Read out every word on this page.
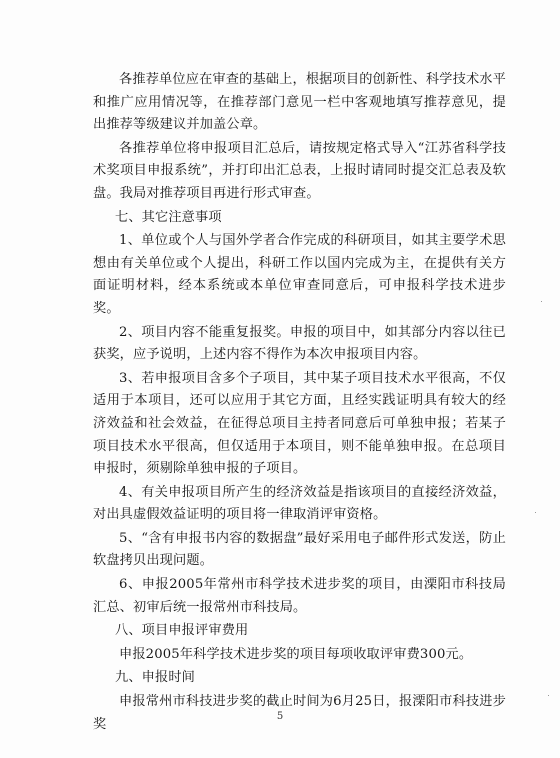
各推荐单位应在审查的基础上，根据项目的创新性、科学技术水平和推广应用情况等，在推荐部门意见一栏中客观地填写推荐意见，提出推荐等级建议并加盖公章。

各推荐单位将申报项目汇总后，请按规定格式导入“江苏省科学技术奖项目申报系统”，并打印出汇总表，上报时请同时提交汇总表及软盘。我局对推荐项目再进行形式审查。

七、其它注意事项

1、单位或个人与国外学者合作完成的科研项目，如其主要学术思想由有关单位或个人提出，科研工作以国内完成为主，在提供有关方面证明材料，经本系统或本单位审查同意后，可申报科学技术进步奖。

2、项目内容不能重复报奖。申报的项目中，如其部分内容以往已获奖，应予说明，上述内容不得作为本次申报项目内容。

3、若申报项目含多个子项目，其中某子项目技术水平很高，不仅适用于本项目，还可以应用于其它方面，且经实践证明具有较大的经济效益和社会效益，在征得总项目主持者同意后可单独申报；若某子项目技术水平很高，但仅适用于本项目，则不能单独申报。在总项目申报时，须剔除单独申报的子项目。

4、有关申报项目所产生的经济效益是指该项目的直接经济效益，对出具虚假效益证明的项目将一律取消评审资格。

5、“含有申报书内容的数据盘”最好采用电子邮件形式发送，防止软盘拷贝出现问题。

6、申报2005年常州市科学技术进步奖的项目，由溧阳市科技局汇总、初审后统一报常州市科技局。

八、项目申报评审费用

申报2005年科学技术进步奖的项目每项收取评审费300元。

九、申报时间

申报常州市科技进步奖的截止时间为6月25日，报溧阳市科技进步奖

5
